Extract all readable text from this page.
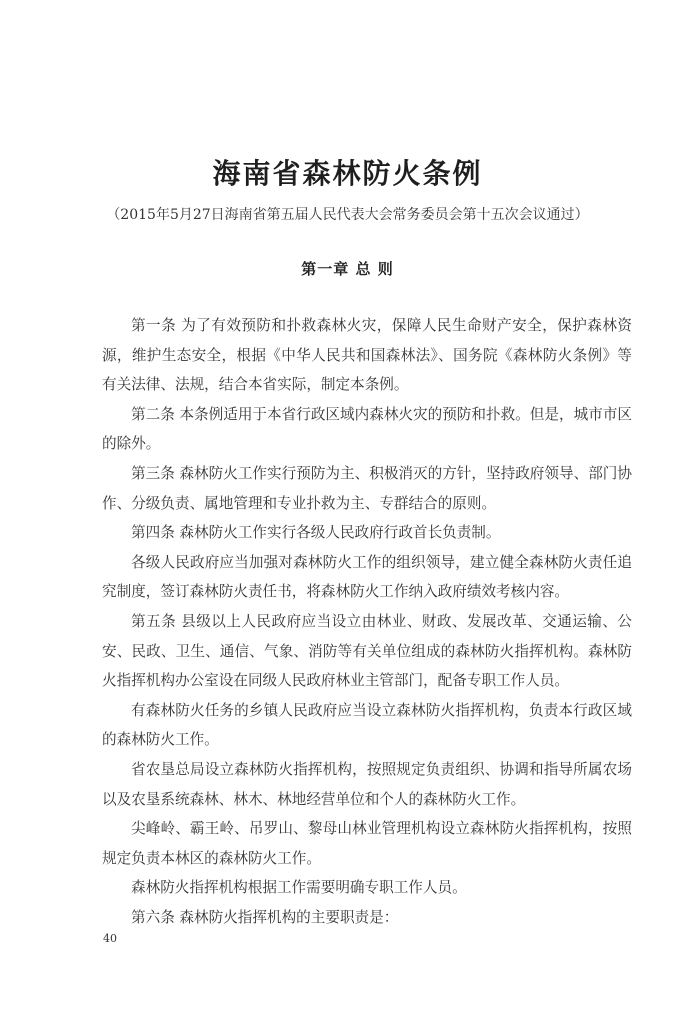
海南省森林防火条例
（2015年5月27日海南省第五届人民代表大会常务委员会第十五次会议通过）
第一章 总 则

第一条 为了有效预防和扑救森林火灾，保障人民生命财产安全，保护森林资源，维护生态安全，根据《中华人民共和国森林法》、国务院《森林防火条例》等有关法律、法规，结合本省实际，制定本条例。

第二条 本条例适用于本省行政区域内森林火灾的预防和扑救。但是，城市市区的除外。

第三条 森林防火工作实行预防为主、积极消灭的方针，坚持政府领导、部门协作、分级负责、属地管理和专业扑救为主、专群结合的原则。

第四条 森林防火工作实行各级人民政府行政首长负责制。

各级人民政府应当加强对森林防火工作的组织领导，建立健全森林防火责任追究制度，签订森林防火责任书，将森林防火工作纳入政府绩效考核内容。

第五条 县级以上人民政府应当设立由林业、财政、发展改革、交通运输、公安、民政、卫生、通信、气象、消防等有关单位组成的森林防火指挥机构。森林防火指挥机构办公室设在同级人民政府林业主管部门，配备专职工作人员。

有森林防火任务的乡镇人民政府应当设立森林防火指挥机构，负责本行政区域的森林防火工作。

省农垦总局设立森林防火指挥机构，按照规定负责组织、协调和指导所属农场以及农垦系统森林、林木、林地经营单位和个人的森林防火工作。

尖峰岭、霸王岭、吊罗山、黎母山林业管理机构设立森林防火指挥机构，按照规定负责本林区的森林防火工作。

森林防火指挥机构根据工作需要明确专职工作人员。

第六条 森林防火指挥机构的主要职责是：

40
